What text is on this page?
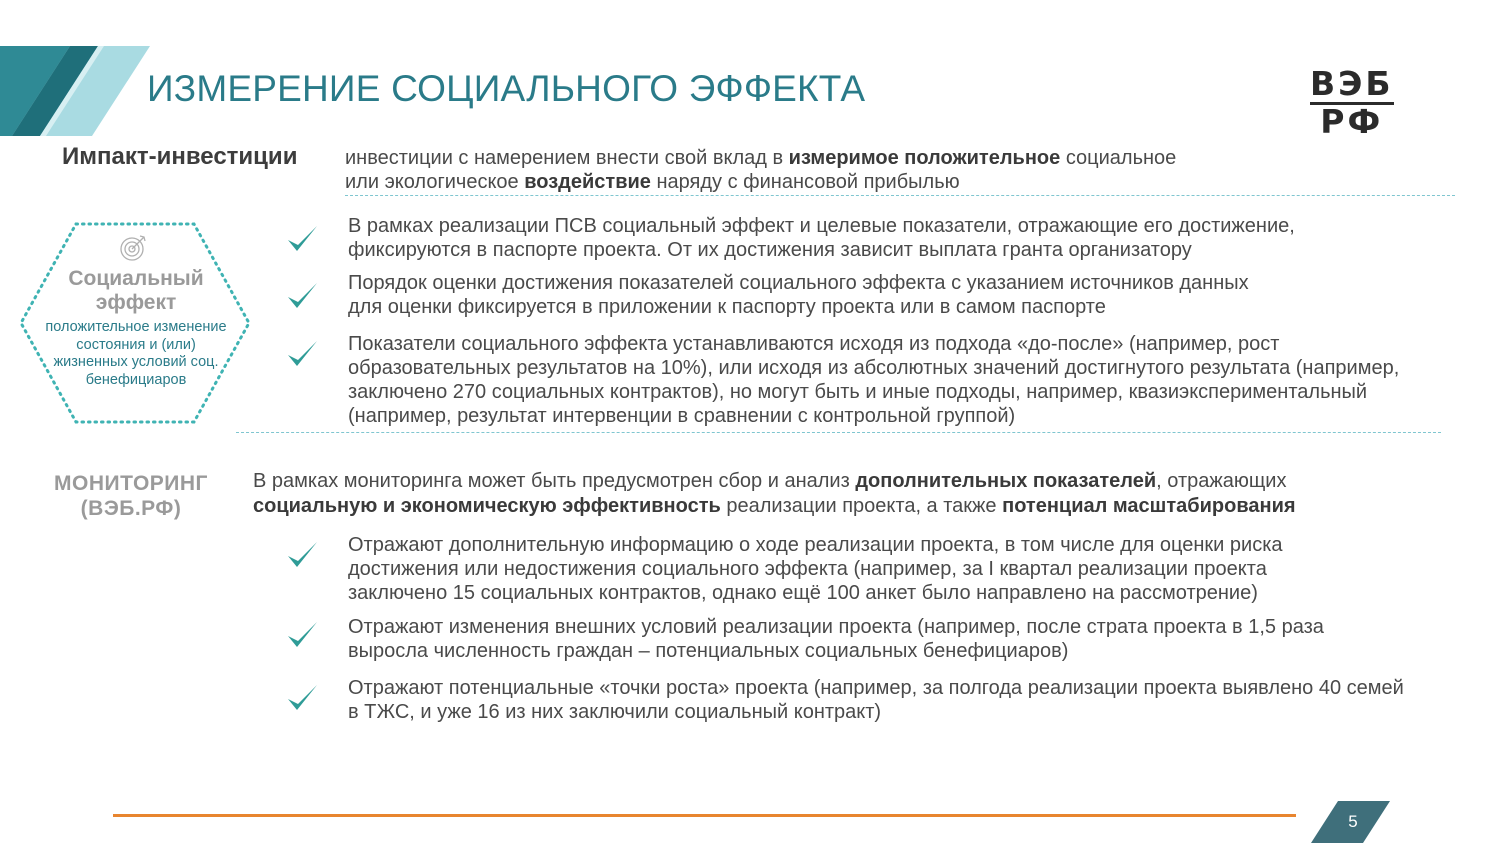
ИЗМЕРЕНИЕ СОЦИАЛЬНОГО ЭФФЕКТА	ВЭБ
РФ
Импакт-инвестиции инвестиции с намерением внести свой вклад в измеримое положительное социальное
или экологическое воздействие наряду с финансовой прибылью
Социальный эффект
положительное изменение состояния и (или) жизненных условий соц. бенефициаров
В рамках реализации ПСВ социальный эффект и целевые показатели, отражающие его достижение, фиксируются в паспорте проекта. От их достижения зависит выплата гранта организатору
Порядок оценки достижения показателей социального эффекта с указанием источников данных для оценки фиксируется в приложении к паспорту проекта или в самом паспорте
Показатели социального эффекта устанавливаются исходя из подхода «до-после» (например, рост образовательных результатов на 10%), или исходя из абсолютных значений достигнутого результата (например, заключено 270 социальных контрактов), но могут быть и иные подходы, например, квазиэкспериментальный (например, результат интервенции в сравнении с контрольной группой)
МОНИТОРИНГ (ВЭБ.РФ)
В рамках мониторинга может быть предусмотрен сбор и анализ дополнительных показателей, отражающих
социальную и экономическую эффективность реализации проекта, а также потенциал масштабирования
Отражают дополнительную информацию о ходе реализации проекта, в том числе для оценки риска достижения или недостижения социального эффекта (например, за I квартал реализации проекта заключено 15 социальных контрактов, однако ещё 100 анкет было направлено на рассмотрение)
Отражают изменения внешних условий реализации проекта (например, после страта проекта в 1,5 раза выросла численность граждан – потенциальных социальных бенефициаров)
Отражают потенциальные «точки роста» проекта (например, за полгода реализации проекта выявлено 40 семей в ТЖС, и уже 16 из них заключили социальный контракт)
5
